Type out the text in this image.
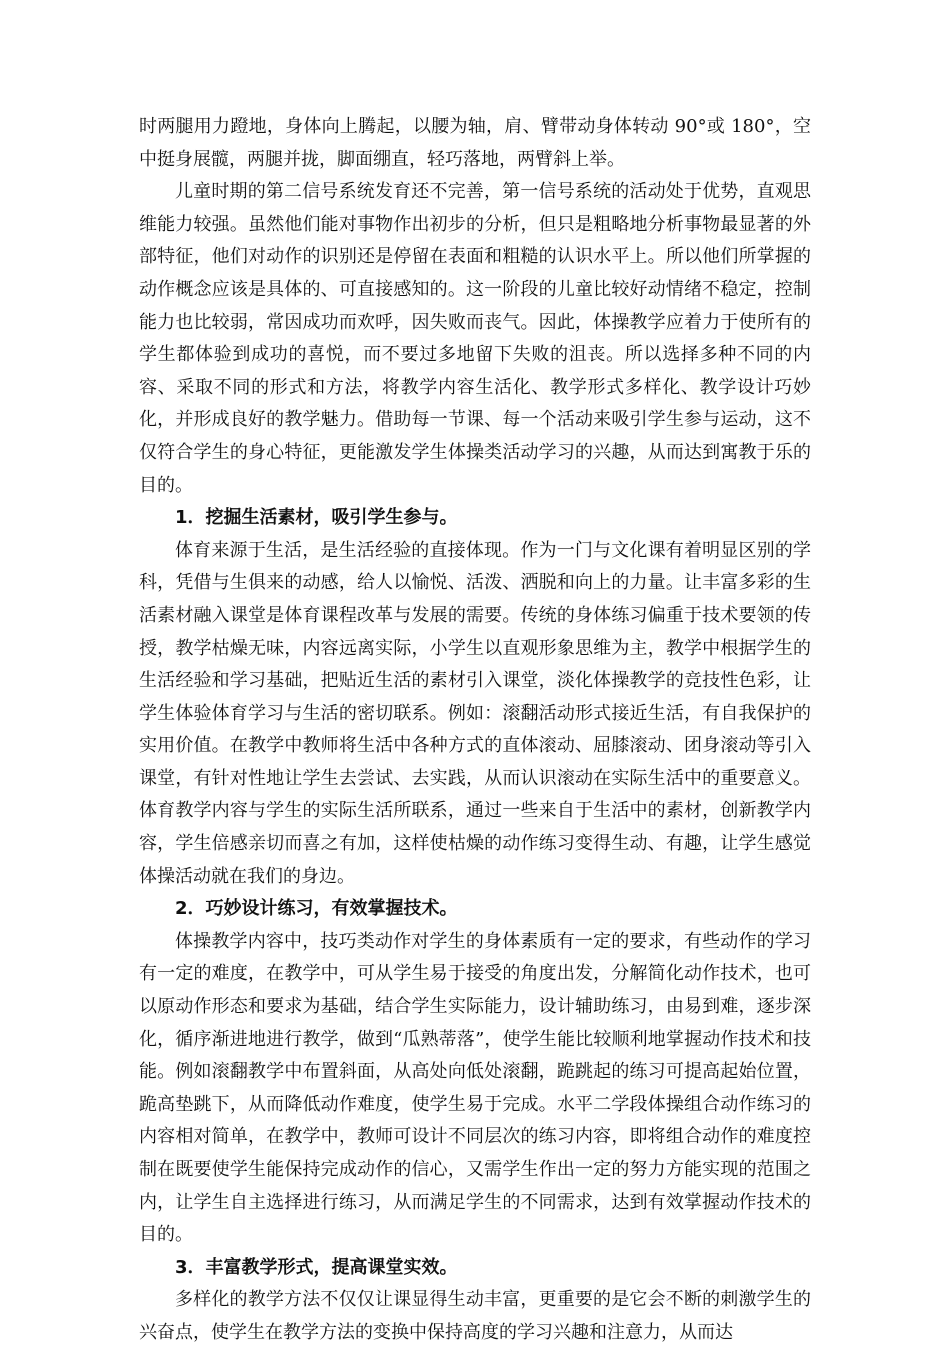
时两腿用力蹬地，身体向上腾起，以腰为轴，肩、臂带动身体转动 90°或 180°，空中挺身展髋，两腿并拢，脚面绷直，轻巧落地，两臂斜上举。

儿童时期的第二信号系统发育还不完善，第一信号系统的活动处于优势，直观思维能力较强。虽然他们能对事物作出初步的分析，但只是粗略地分析事物最显著的外部特征，他们对动作的识别还是停留在表面和粗糙的认识水平上。所以他们所掌握的动作概念应该是具体的、可直接感知的。这一阶段的儿童比较好动情绪不稳定，控制能力也比较弱，常因成功而欢呼，因失败而丧气。因此，体操教学应着力于使所有的学生都体验到成功的喜悦，而不要过多地留下失败的沮丧。所以选择多种不同的内容、采取不同的形式和方法，将教学内容生活化、教学形式多样化、教学设计巧妙化，并形成良好的教学魅力。借助每一节课、每一个活动来吸引学生参与运动，这不仅符合学生的身心特征，更能激发学生体操类活动学习的兴趣，从而达到寓教于乐的目的。

1．挖掘生活素材，吸引学生参与。

体育来源于生活，是生活经验的直接体现。作为一门与文化课有着明显区别的学科，凭借与生俱来的动感，给人以愉悦、活泼、洒脱和向上的力量。让丰富多彩的生活素材融入课堂是体育课程改革与发展的需要。传统的身体练习偏重于技术要领的传授，教学枯燥无味，内容远离实际，小学生以直观形象思维为主，教学中根据学生的生活经验和学习基础，把贴近生活的素材引入课堂，淡化体操教学的竞技性色彩，让学生体验体育学习与生活的密切联系。例如：滚翻活动形式接近生活，有自我保护的实用价值。在教学中教师将生活中各种方式的直体滚动、屈膝滚动、团身滚动等引入课堂，有针对性地让学生去尝试、去实践，从而认识滚动在实际生活中的重要意义。体育教学内容与学生的实际生活所联系，通过一些来自于生活中的素材，创新教学内容，学生倍感亲切而喜之有加，这样使枯燥的动作练习变得生动、有趣，让学生感觉体操活动就在我们的身边。

2．巧妙设计练习，有效掌握技术。

体操教学内容中，技巧类动作对学生的身体素质有一定的要求，有些动作的学习有一定的难度，在教学中，可从学生易于接受的角度出发，分解简化动作技术，也可以原动作形态和要求为基础，结合学生实际能力，设计辅助练习，由易到难，逐步深化，循序渐进地进行教学，做到“瓜熟蒂落”，使学生能比较顺利地掌握动作技术和技能。例如滚翻教学中布置斜面，从高处向低处滚翻，跪跳起的练习可提高起始位置，跪高垫跳下，从而降低动作难度，使学生易于完成。水平二学段体操组合动作练习的内容相对简单，在教学中，教师可设计不同层次的练习内容，即将组合动作的难度控制在既要使学生能保持完成动作的信心，又需学生作出一定的努力方能实现的范围之内，让学生自主选择进行练习，从而满足学生的不同需求，达到有效掌握动作技术的目的。

3．丰富教学形式，提高课堂实效。

多样化的教学方法不仅仅让课显得生动丰富，更重要的是它会不断的刺激学生的兴奋点，使学生在教学方法的变换中保持高度的学习兴趣和注意力，从而达
